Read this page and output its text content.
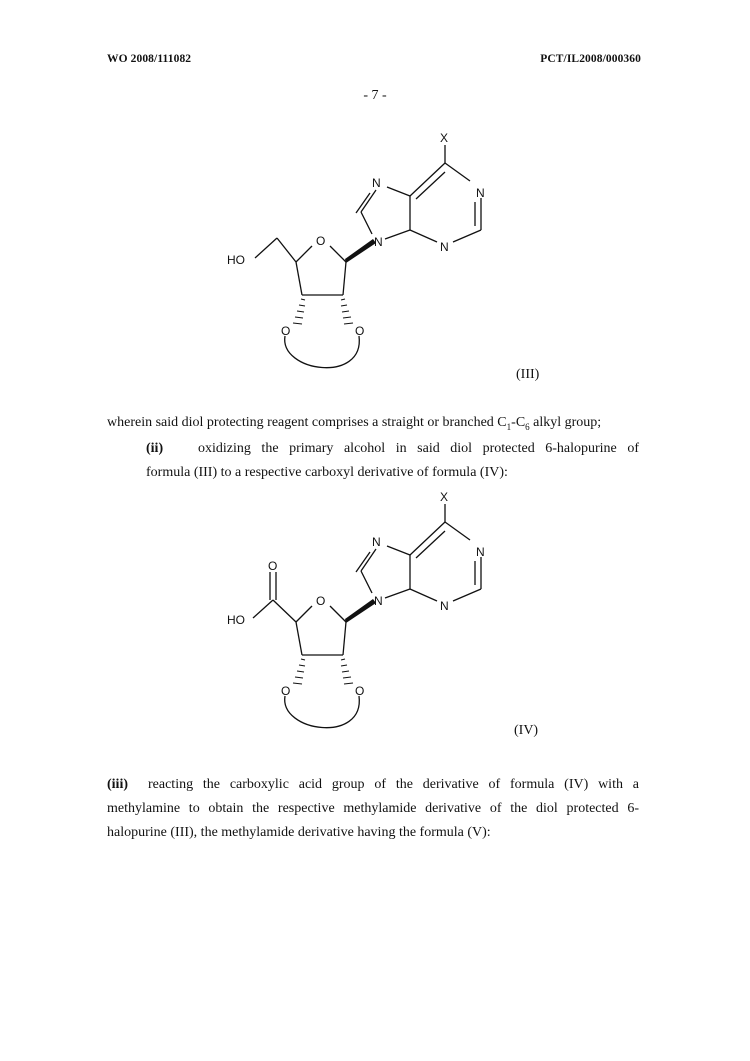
WO 2008/111082	PCT/IL2008/000360
- 7 -
X
N
N
N
N
O
HO
O	O
(III)

wherein said diol protecting reagent comprises a straight or branched $C_1-C_6$ alkyl group;

(ii) oxidizing the primary alcohol in said diol protected 6-halopurine of

formula (III) to a respective carboxyl derivative of formula (IV):

X
N
N
N
N
O
O
HO
O	O
(IV)
(iii) reacting the carboxylic acid group of the derivative of formula (IV) with a

methylamine to obtain the respective methylamide derivative of the diol protected 6-

halopurine (III), the methylamide derivative having the formula (V):
